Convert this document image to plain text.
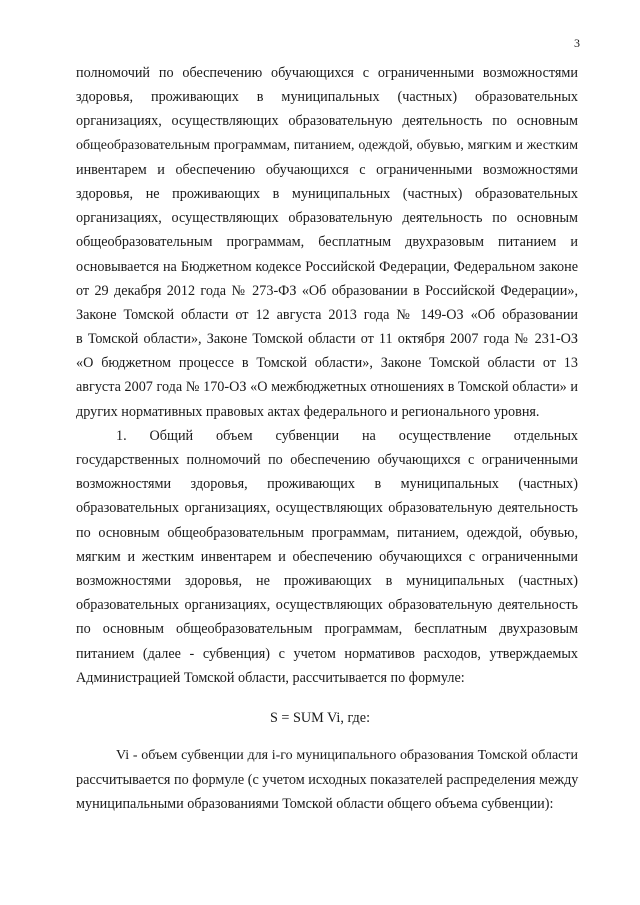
3
полномочий по обеспечению обучающихся с ограниченными возможностями
здоровья, проживающих в муниципальных (частных) образовательных
организациях, осуществляющих образовательную деятельность по основным
общеобразовательным программам, питанием, одеждой, обувью, мягким и жестким
инвентарем и обеспечению обучающихся с ограниченными возможностями
здоровья, не проживающих в муниципальных (частных) образовательных
организациях, осуществляющих образовательную деятельность по основным
общеобразовательным программам, бесплатным двухразовым питанием и
основывается на Бюджетном кодексе Российской Федерации, Федеральном законе
от 29 декабря 2012 года № 273-ФЗ «Об образовании в Российской Федерации»,
Законе Томской области от 12 августа 2013 года № 149-ОЗ «Об образовании
в Томской области», Законе Томской области от 11 октября 2007 года № 231-ОЗ
«О бюджетном процессе в Томской области», Законе Томской области от 13
августа 2007 года № 170-ОЗ «О межбюджетных отношениях в Томской области» и
других нормативных правовых актах федерального и регионального уровня.
1. Общий объем субвенции на осуществление отдельных
государственных полномочий по обеспечению обучающихся с ограниченными
возможностями здоровья, проживающих в муниципальных (частных)
образовательных организациях, осуществляющих образовательную деятельность
по основным общеобразовательным программам, питанием, одеждой, обувью,
мягким и жестким инвентарем и обеспечению обучающихся с ограниченными
возможностями здоровья, не проживающих в муниципальных (частных)
образовательных организациях, осуществляющих образовательную деятельность
по основным общеобразовательным программам, бесплатным двухразовым
питанием (далее - субвенция) с учетом нормативов расходов, утверждаемых
Администрацией Томской области, рассчитывается по формуле:
S = SUM Vi, где:
Vi - объем субвенции для i-го муниципального образования Томской области
рассчитывается по формуле (с учетом исходных показателей распределения между
муниципальными образованиями Томской области общего объема субвенции):
